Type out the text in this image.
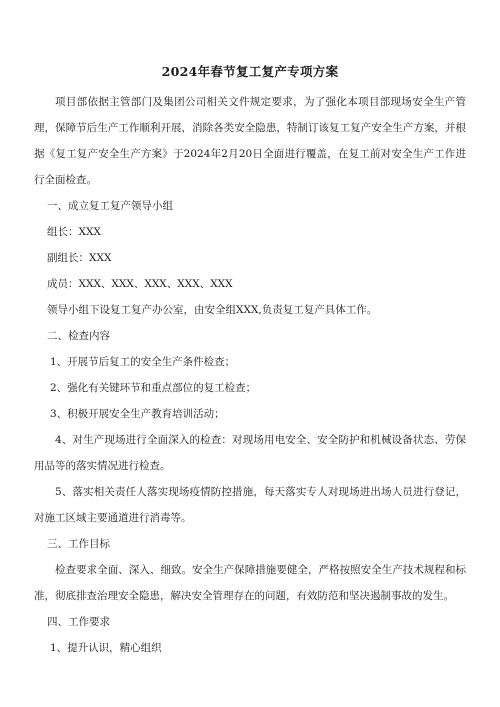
2024年春节复工复产专项方案

项目部依据主管部门及集团公司相关文件规定要求，为了强化本项目部现场安全生产管理，保障节后生产工作顺利开展，消除各类安全隐患，特制订该复工复产安全生产方案，并根据《复工复产安全生产方案》于2024年2月20日全面进行覆盖，在复工前对安全生产工作进行全面检查。

一、成立复工复产领导小组

组长：XXX

副组长：XXX

成员：XXX、XXX、XXX、XXX、XXX

领导小组下设复工复产办公室，由安全组XXX,负责复工复产具体工作。

二、检查内容

1、开展节后复工的安全生产条件检查；

2、强化有关键环节和重点部位的复工检查；

3、积极开展安全生产教育培训活动；

4、对生产现场进行全面深入的检查：对现场用电安全、安全防护和机械设备状态、劳保用品等的落实情况进行检查。

5、落实相关责任人落实现场疫情防控措施，每天落实专人对现场进出场人员进行登记，对施工区域主要通道进行消毒等。

三、工作目标

检查要求全面、深入、细致。安全生产保障措施要健全，严格按照安全生产技术规程和标准，彻底排查治理安全隐患，解决安全管理存在的问题，有效防范和坚决遏制事故的发生。

四、工作要求

1、提升认识，精心组织
